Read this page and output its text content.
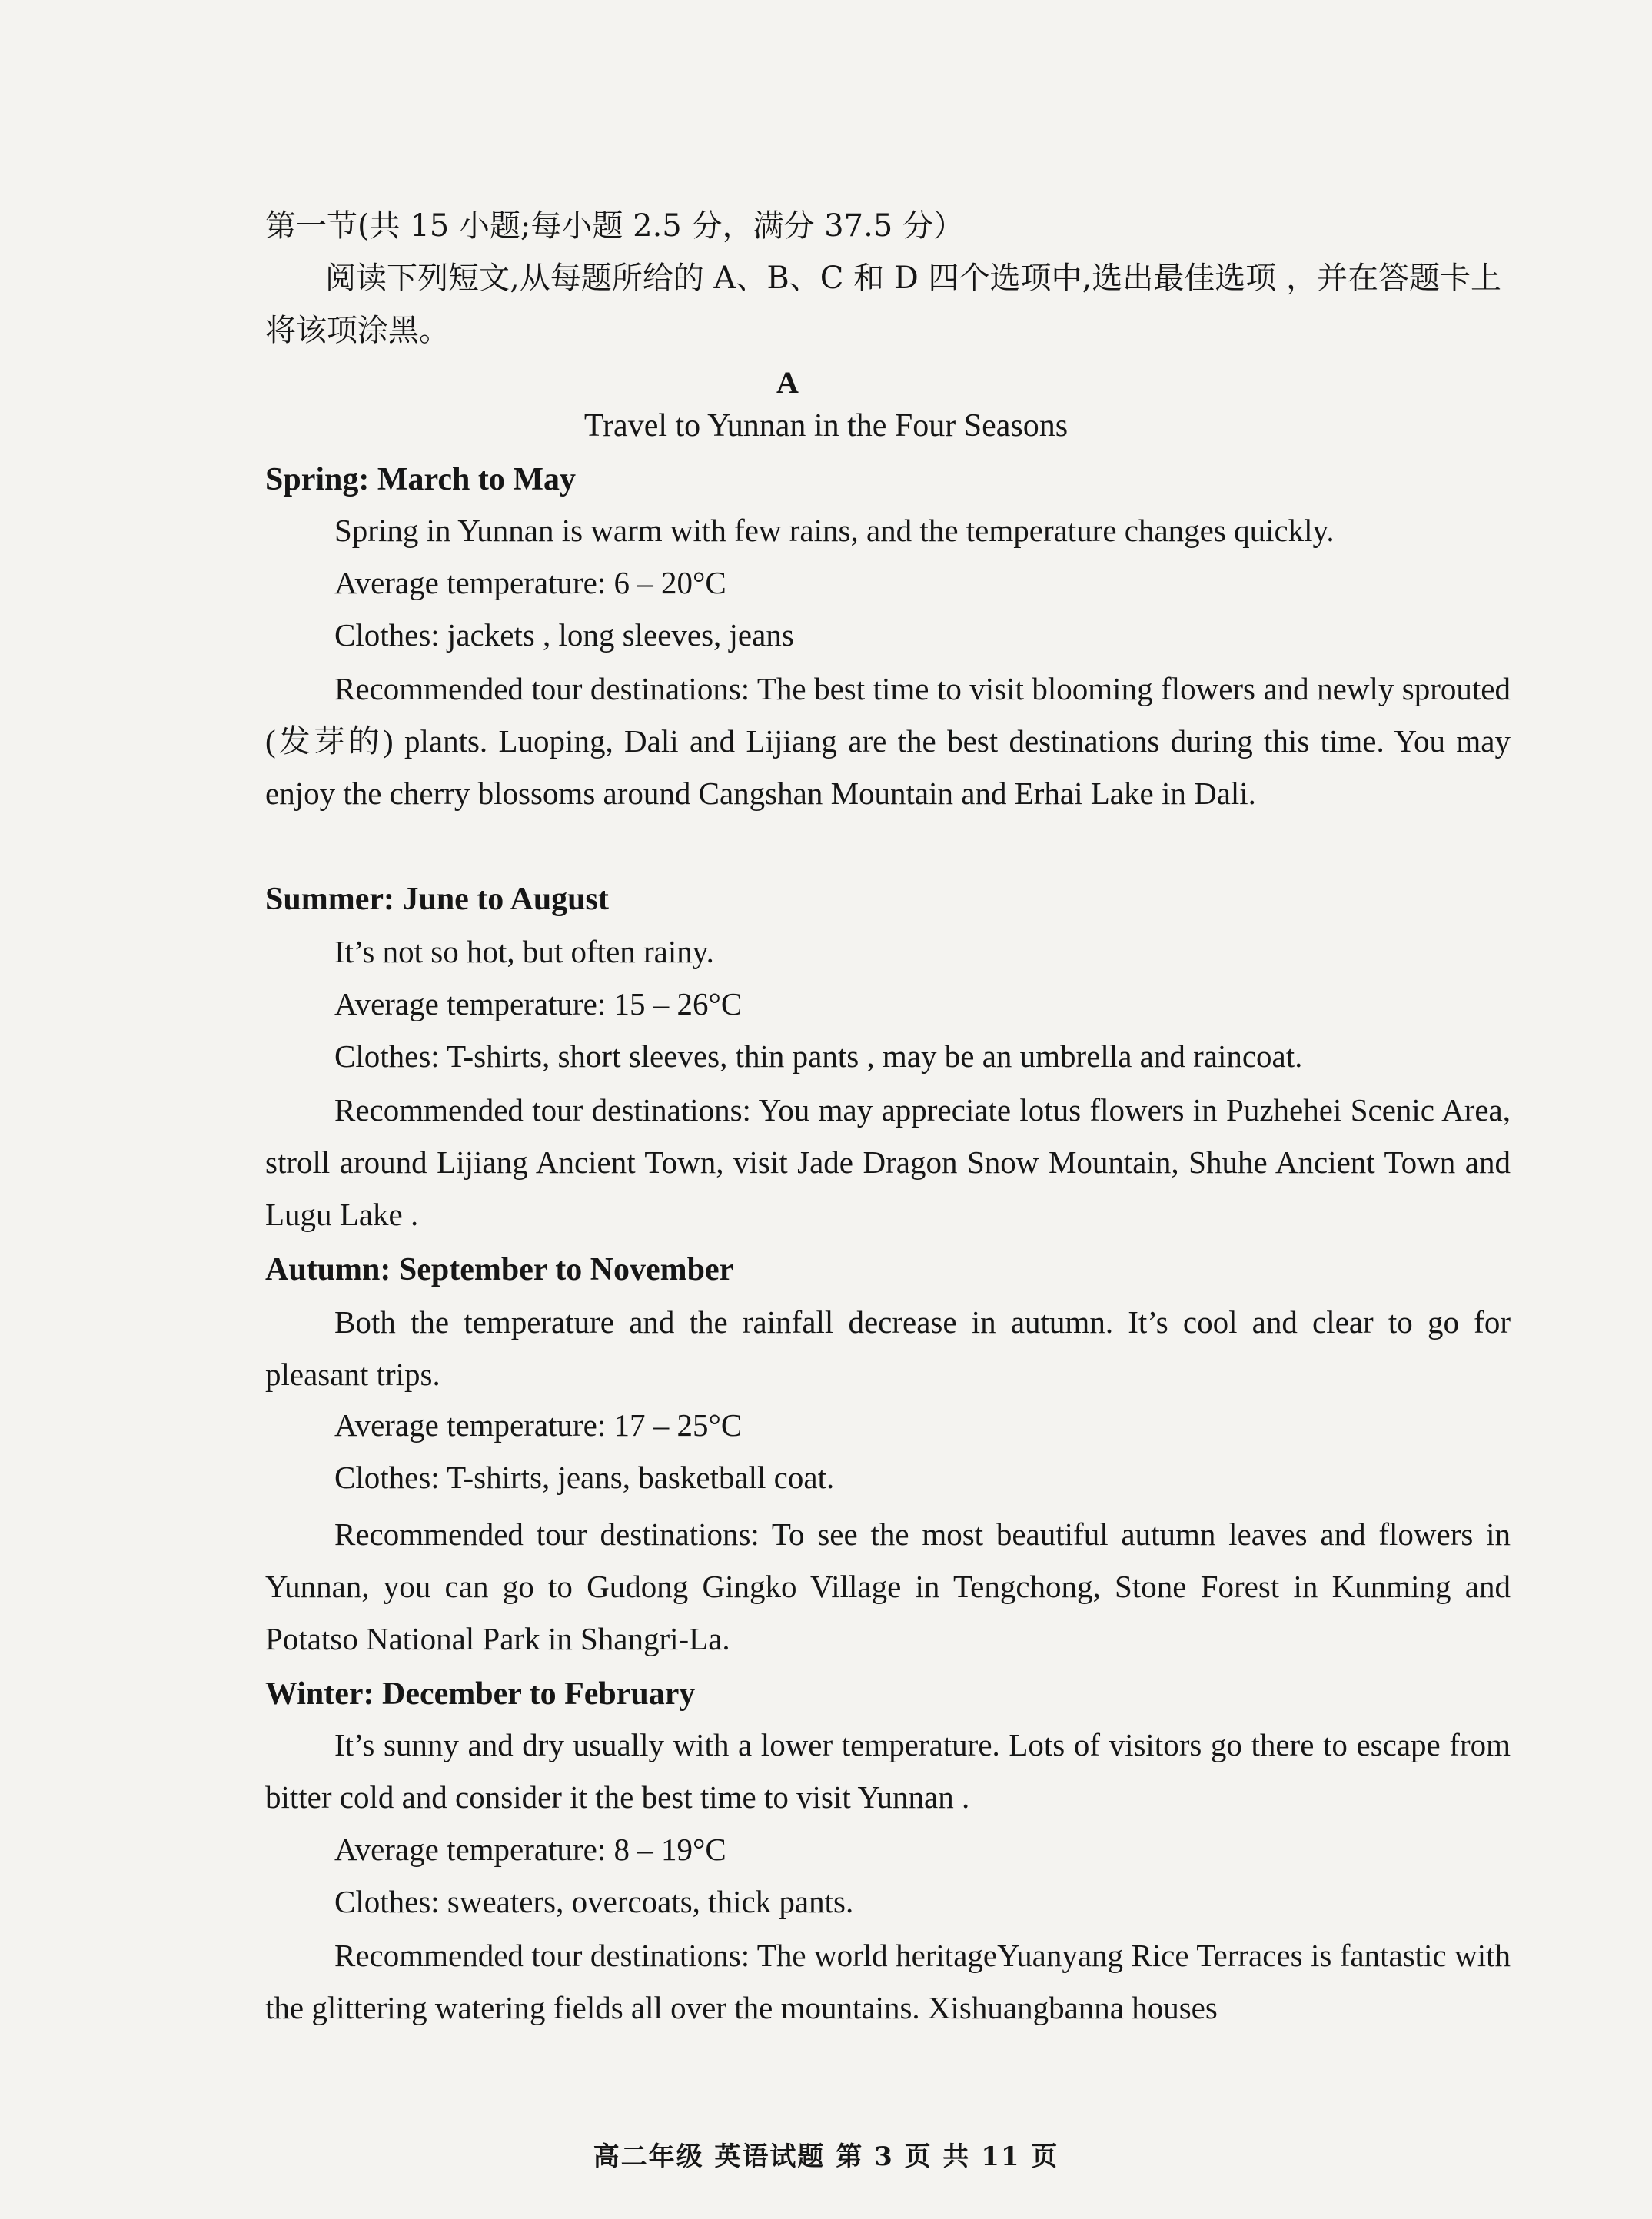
第一节(共 15 小题;每小题 2.5 分，满分 37.5 分）
阅读下列短文,从每题所给的 A、B、C 和 D 四个选项中,选出最佳选项 ，并在答题卡上将该项涂黑。
A
Travel to Yunnan in the Four Seasons
Spring: March to May
Spring in Yunnan is warm with few rains, and the temperature changes quickly.
Average temperature: 6 – 20°C
Clothes: jackets , long sleeves, jeans
Recommended tour destinations: The best time to visit blooming flowers and newly sprouted (发芽的) plants. Luoping, Dali and Lijiang are the best destinations during this time. You may enjoy the cherry blossoms around Cangshan Mountain and Erhai Lake in Dali.
Summer: June to August
It’s not so hot, but often rainy.
Average temperature: 15 – 26°C
Clothes: T-shirts, short sleeves, thin pants , may be an umbrella and raincoat.
Recommended tour destinations: You may appreciate lotus flowers in Puzhehei Scenic Area, stroll around Lijiang Ancient Town, visit Jade Dragon Snow Mountain, Shuhe Ancient Town and Lugu Lake .
Autumn: September to November
Both the temperature and the rainfall decrease in autumn. It’s cool and clear to go for pleasant trips.
Average temperature: 17 – 25°C
Clothes: T-shirts, jeans, basketball coat.
Recommended tour destinations: To see the most beautiful autumn leaves and flowers in Yunnan, you can go to Gudong Gingko Village in Tengchong, Stone Forest in Kunming and Potatso National Park in Shangri-La.
Winter: December to February
It’s sunny and dry usually with a lower temperature. Lots of visitors go there to escape from bitter cold and consider it the best time to visit Yunnan .
Average temperature: 8 – 19°C
Clothes: sweaters, overcoats, thick pants.
Recommended tour destinations: The world heritageYuanyang Rice Terraces is fantastic with the glittering watering fields all over the mountains. Xishuangbanna houses
高二年级 英语试题 第 3 页 共 11 页
